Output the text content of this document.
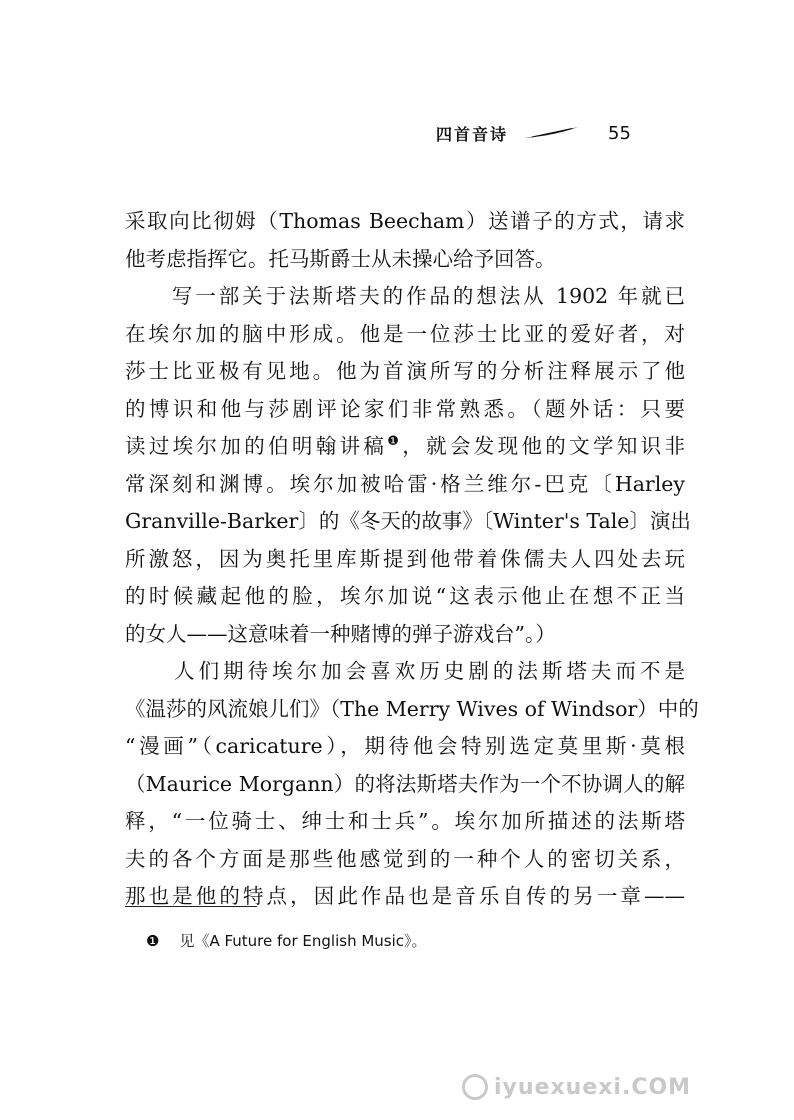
四首音诗	55
采取向比彻姆（Thomas Beecham）送谱子的方式，请求
他考虑指挥它。托马斯爵士从未操心给予回答。
　　写一部关于法斯塔夫的作品的想法从 1902 年就已
在埃尔加的脑中形成。他是一位莎士比亚的爱好者，对
莎士比亚极有见地。他为首演所写的分析注释展示了他
的博识和他与莎剧评论家们非常熟悉。（题外话：只要
读过埃尔加的伯明翰讲稿$^❶$，就会发现他的文学知识非
常深刻和渊博。埃尔加被哈雷·格兰维尔-巴克〔Harley
Granville-Barker〕的《冬天的故事》〔Winter's Tale〕演出
所激怒，因为奥托里库斯提到他带着侏儒夫人四处去玩
的时候藏起他的脸，埃尔加说“这表示他止在想不正当
的女人——这意味着一种赌博的弹子游戏台”。）
　　人们期待埃尔加会喜欢历史剧的法斯塔夫而不是
《温莎的风流娘儿们》（The Merry Wives of Windsor）中的
“漫画”（caricature），期待他会特别选定莫里斯·莫根
（Maurice Morgann）的将法斯塔夫作为一个不协调人的解
释，“一位骑士、绅士和士兵”。埃尔加所描述的法斯塔
夫的各个方面是那些他感觉到的一种个人的密切关系，
那也是他的特点，因此作品也是音乐自传的另一章——
❶ 见《A Future for English Music》。
iyuexuexi.COM
